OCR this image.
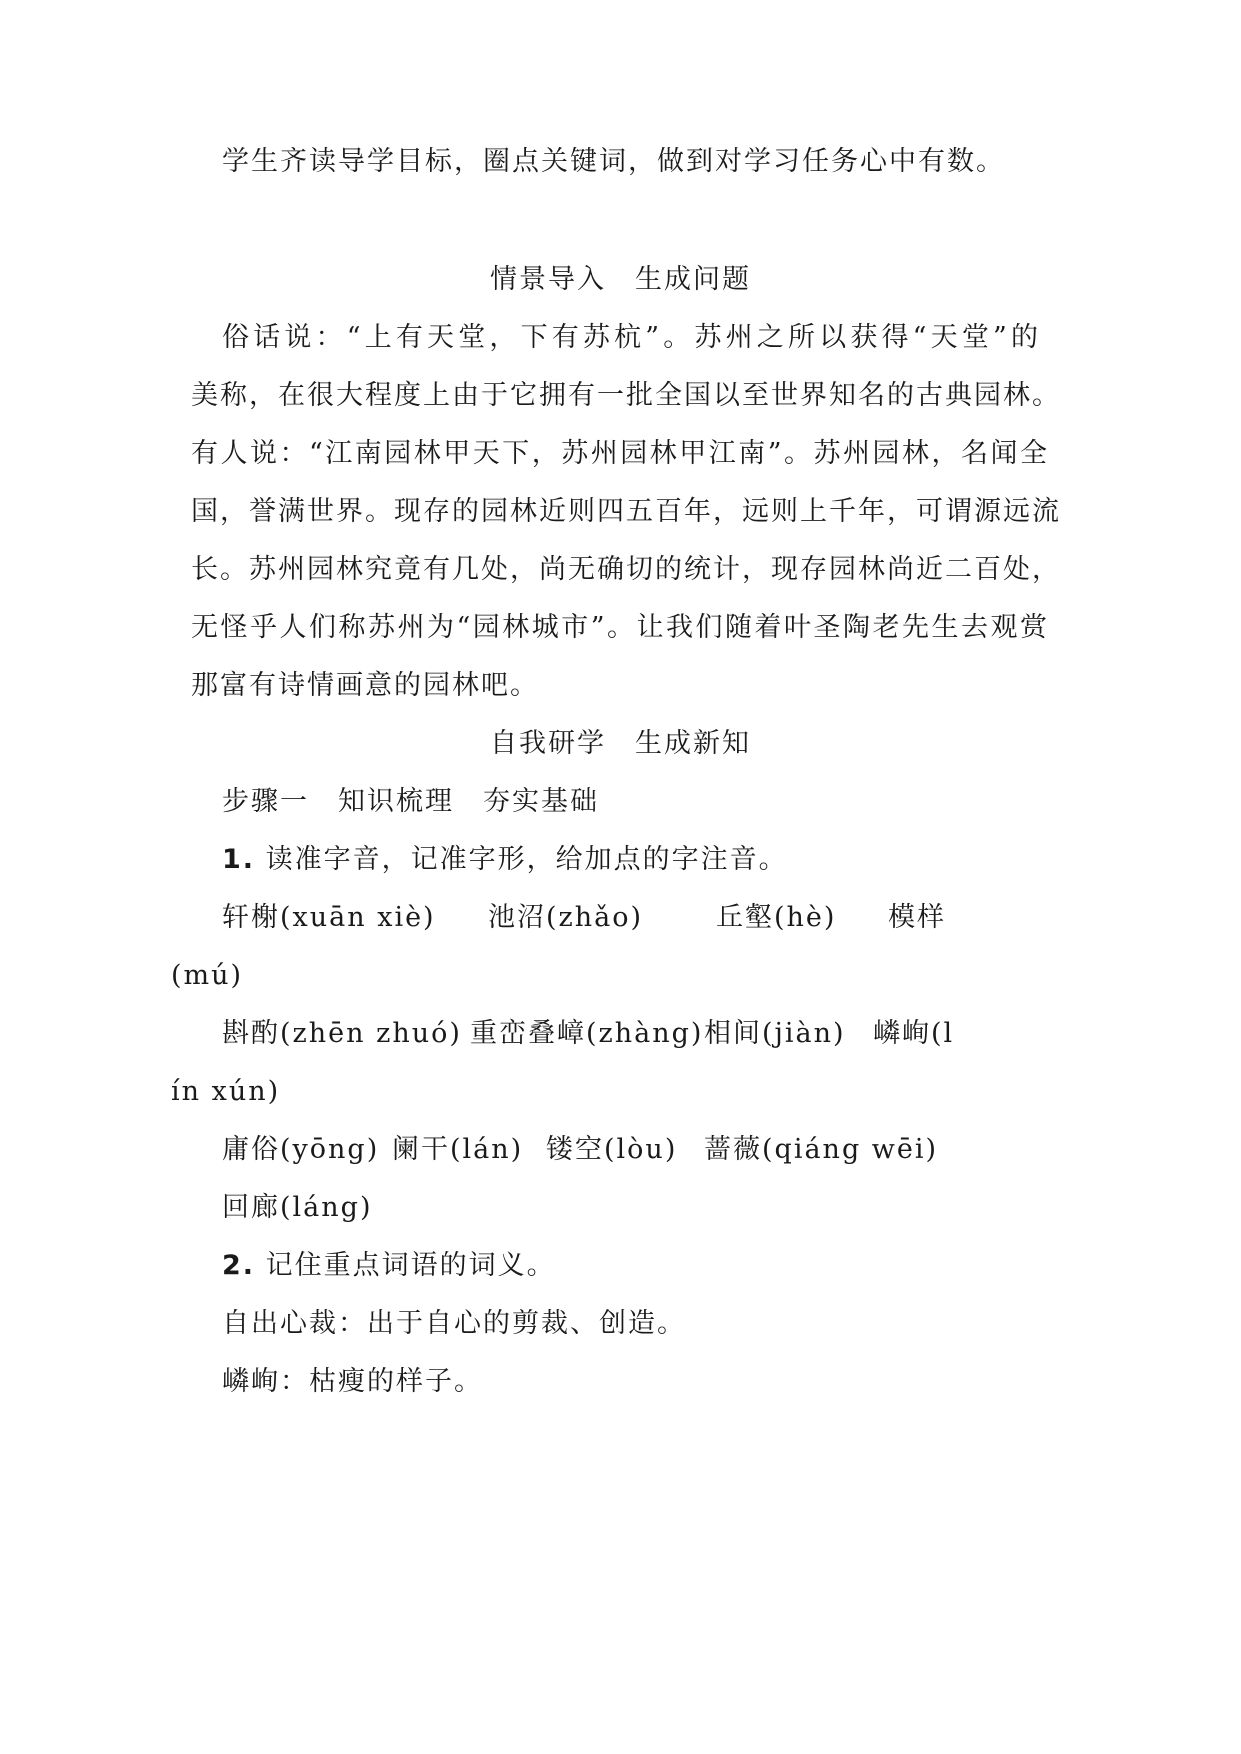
学生齐读导学目标，圈点关键词，做到对学习任务心中有数。
情景导入　生成问题
俗话说：“上有天堂，下有苏杭”。苏州之所以获得“天堂”的
美称，在很大程度上由于它拥有一批全国以至世界知名的古典园林。
有人说：“江南园林甲天下，苏州园林甲江南”。苏州园林，名闻全
国，誉满世界。现存的园林近则四五百年，远则上千年，可谓源远流
长。苏州园林究竟有几处，尚无确切的统计，现存园林尚近二百处，
无怪乎人们称苏州为“园林城市”。让我们随着叶圣陶老先生去观赏
那富有诗情画意的园林吧。
自我研学　生成新知
步骤一　知识梳理　夯实基础
1. 读准字音，记准字形，给加点的字注音。
轩榭(xuān xiè) 池沼(zhǎo)	丘壑(hè) 模样
(mú)
斟酌(zhēn zhuó) 重峦叠嶂(zhàng) 相间(jiàn) 嶙峋(l
ín xún)
庸俗(yōng) 阑干(lán) 镂空(lòu) 蔷薇(qiáng wēi)
回廊(láng)
2. 记住重点词语的词义。
自出心裁：出于自心的剪裁、创造。
嶙峋：枯瘦的样子。
